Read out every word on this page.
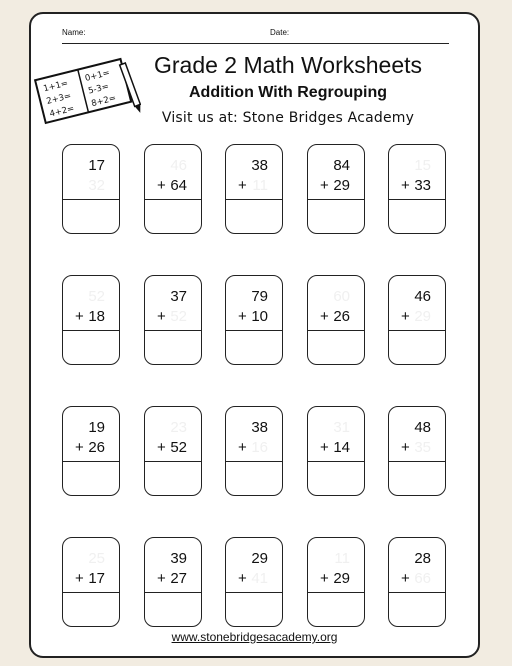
Name:	Date:
1+1=
2+3=
4+2=
0+1=
5-3=
8+2=
Grade 2 Math Worksheets
Addition With Regrouping
Visit us at: Stone Bridges Academy
17
32
46
+ 64
38
+ 11
84
+ 29
15
+ 33
52
+ 18
37
+ 52
79
+ 10
60
+ 26
46
+ 29
19
+ 26
23
+ 52
38
+ 16
31
+ 14
48
+ 35
25
+ 17
39
+ 27
29
+ 41
11
+ 29
28
+ 66
www.stonebridgesacademy.org
